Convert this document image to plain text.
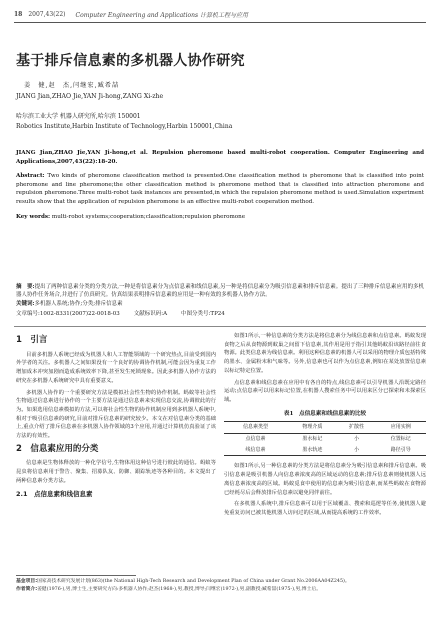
18 2007,43(22) Computer Engineering and Applications 计算机工程与应用
基于排斥信息素的多机器人协作研究
姜　健,赵　杰,闫继宏,臧希喆
JIANG Jian,ZHAO Jie,YAN Ji-hong,ZANG Xi-zhe
哈尔滨工业大学 机器人研究所,哈尔滨 150001
Robotics Institute,Harbin Institute of Technology,Harbin 150001,China

JIANG Jian,ZHAO Jie,YAN Ji-hong,et al. Repulsion pheromone based multi-robot cooperation. Computer Engineering and Applications,2007,43(22):18-20.

Abstract: Two kinds of pheromone classification method is presented.One classification method is pheromone that is classified into point pheromone and line pheromone;the other classification method is pheromone method that is classified into attraction pheromone and repulsion pheromone.Three multi-robot task instances are presented,in which the repulsion pheromone method is used.Simulation experiment results show that the application of repulsion pheromone is an effective multi-robot cooperation method.

Key words: multi-robot systems;cooperation;classification;repulsion pheromone

摘　要:提出了两种信息素分类的分类方法,一种是将信息素分为点信息素和线信息素,另一种是将信息素分为吸引信息素和排斥信息素。提出了三种排斥信息素应用的多机器人协作任务场合,并进行了仿真研究。仿真结果表明排斥信息素的应用是一种有效的多机器人协作方法。

关键词:多机器人系统;协作;分类;排斥信息素

文章编号:1002-8331(2007)22-0018-03	文献标识码:A	中图分类号:TP24
1　引言

目前多机器人系统已经成为机器人和人工智能领域的一个研究热点,目前受到国内外学者的关注。多机器人之间如果没有一个良好的协调协作机制,可能会因为重复工作增加成本冲突加剧而造成系统效率下降,甚至发生死锁现象。因此多机器人协作方法的研究在多机器人系统研究中具有重要意义。

多机器人协作的一个重要研究方法是模拟社会性生物的协作机制。蚂蚁等社会性生物通过信息素进行协作的一个主要方法是通过信息素来实现信息交流,协调彼此的行为。如果选用信息素模拟的方法,可以将社会性生物的协作机制应用到多机器人系统中,相对于吸引信息素的研究,目前对排斥信息素的研究较少。本文在对信息素分类的基础上,重点介绍了排斥信息素在多机器人协作领域的3个应用,并通过计算机仿真验证了该方法的有效性。

2　信息素应用的分类

信息素是生物体释放的一种化学信号,生物体用这种信号进行彼此的通信。蚂蚁等昆虫将信息素用于警告、聚集、招募队友、防御、跟踪轨迹等各种目的。本文提出了两种信息素分类方法。

2.1　点信息素和线信息素

如图1所示,一种信息素的分类方法是将信息素分为线信息素和点信息素。蚂蚁发现食物之后从食物源到蚁巢之间留下信息素,其作用是用于指引其他蚂蚁沿该路径前往食物源。此类信息素为线信息素。利用这种信息素的机器人可以采用的物理介质包括特殊的墨水、金属粉末和气味等。另外,信息素也可以作为点信息素,例如在某处放置信息素以标记特定位置。

点信息素和线信息素在应用中有各自的特点,线信息素可以引导机器人沿既定路径运动;点信息素可以用来标记位置,在机器人搜索任务中可以用来区分已探索和未探索区域。

表1　点信息素和线信息素的比较
信息素类型	物理介质	扩散性	应用实例
点信息素	墨水标记	小	位置标记
线信息素	墨水轨迹	小	路径引导

如图1所示,另一种信息素的分类方法是将信息素分为吸引信息素和排斥信息素。吸引信息素是吸引机器人向信息素浓度高的区域运动的信息素;排斥信息素则使机器人远离信息素浓度高的区域。蚂蚁觅食中使用的信息素为吸引信息素,而某些蚂蚁在食物源已经耗尽后会释放排斥信息素以避免同伴前往。

在多机器人系统中,排斥信息素可以用于区域覆盖、搜索和巡逻等任务,使机器人避免重复访问已被其他机器人访问过的区域,从而提高系统的工作效率。

基金项目:国家高技术研究发展计划(863)(the National High-Tech Research and Development Plan of China under Grant No.2006AA04Z245)。

作者简介:姜健(1976-),男,博士生,主要研究方向:多机器人协作;赵杰(1968-),男,教授,博导;闫继宏(1972-),男,副教授;臧希喆(1975-),男,博士后。
